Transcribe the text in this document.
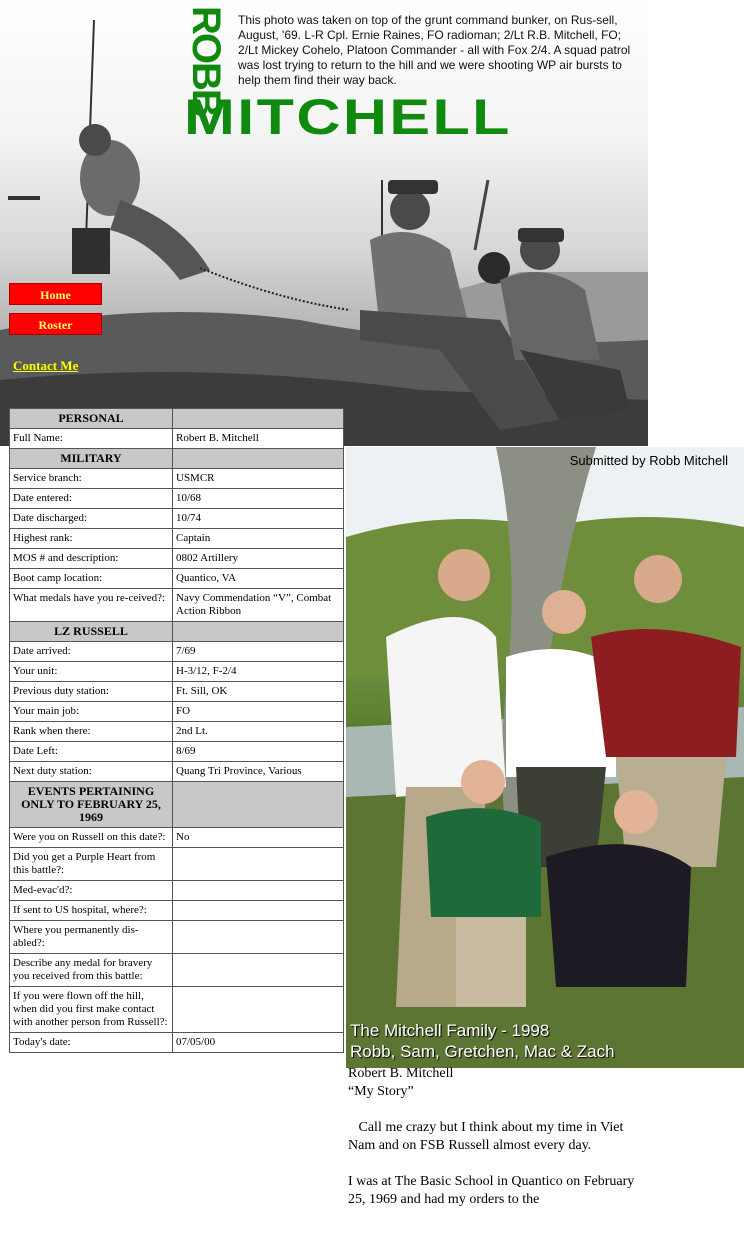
ROBB
MITCHELL
This photo was taken on top of the grunt command bunker, on Rus-sell, August, '69. L-R Cpl. Ernie Raines, FO radioman; 2/Lt R.B. Mitchell, FO; 2/Lt Mickey Cohelo, Platoon Commander - all with Fox 2/4. A squad patrol was lost trying to return to the hill and we were shooting WP air bursts to help them find their way back.
Home
Roster
Contact Me
PERSONAL	
Full Name:	Robert B. Mitchell
MILITARY	
Service branch:	USMCR
Date entered:	10/68
Date discharged:	10/74
Highest rank:	Captain
MOS # and description:	0802 Artillery
Boot camp location:	Quantico, VA
What medals have you re-ceived?:	Navy Commendation “V”, Combat Action Ribbon
LZ RUSSELL	
Date arrived:	7/69
Your unit:	H-3/12, F-2/4
Previous duty station:	Ft. Sill, OK
Your main job:	FO
Rank when there:	2nd Lt.
Date Left:	8/69
Next duty station:	Quang Tri Province, Various
EVENTS PERTAINING ONLY TO FEBRUARY 25, 1969	
Were you on Russell on this date?:	No
Did you get a Purple Heart from this battle?:	
Med-evac'd?:	
If sent to US hospital, where?:	
Where you permanently dis-abled?:	
Describe any medal for bravery you received from this battle:	
If you were flown off the hill, when did you first make contact with another person from Russell?:	
Today's date:	07/05/00
Submitted by Robb Mitchell
The Mitchell Family - 1998
Robb, Sam, Gretchen, Mac & Zach
Robert B. Mitchell
“My Story”

Call me crazy but I think about my time in Viet Nam and on FSB Russell almost every day.

I was at The Basic School in Quantico on February 25, 1969 and had my orders to the
